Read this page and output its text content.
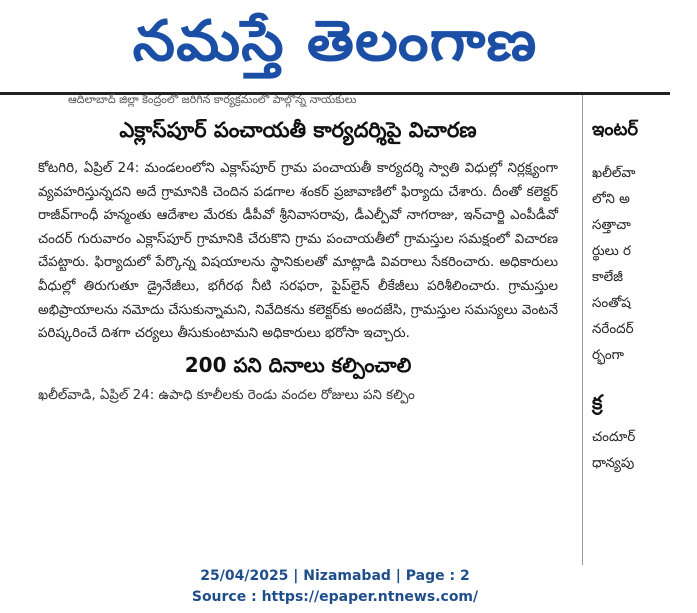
నమస్తే తెలంగాణ
ఆదిలాబాద్‌ జిల్లా కేంద్రంలో జరిగిన కార్యక్రమంలో పాల్గొన్న నాయకులు
ఎక్లాస్‌పూర్ పంచాయతీ కార్యదర్శిపై విచారణ

కోటగిరి, ఏప్రిల్ 24: మండలంలోని ఎక్లాస్‌పూర్ గ్రామ పంచాయతీ కార్యదర్శి స్వాతి విధుల్లో నిర్లక్ష్యంగా వ్యవహరిస్తున్నదని అదే గ్రామానికి చెందిన పడగాల శంకర్ ప్రజావాణిలో ఫిర్యాదు చేశారు. దీంతో కలెక్టర్ రాజీవ్‌గాంధీ హన్మంతు ఆదేశాల మేరకు డీపీవో శ్రీనివాసరావు, డీఎల్పీవో నాగరాజు, ఇన్‌చార్జి ఎంపీడీవో చందర్ గురువారం ఎక్లాస్‌పూర్ గ్రామానికి చేరుకొని గ్రామ పంచాయతీలో గ్రామస్తుల సమక్షంలో విచారణ చేపట్టారు. ఫిర్యాదులో పేర్కొన్న విషయాలను స్థానికులతో మాట్లాడి వివరాలు సేకరించారు. అధికారులు వీధుల్లో తిరుగుతూ డ్రైనేజీలు, భగీరథ నీటి సరఫరా, పైప్‌లైన్ లీకేజీలు పరిశీలించారు. గ్రామస్తుల అభిప్రాయాలను నమోదు చేసుకున్నామని, నివేదికను కలెక్టర్‌కు అందజేసి, గ్రామస్తుల సమస్యలు వెంటనే పరిష్కరించే దిశగా చర్యలు తీసుకుంటామని అధికారులు భరోసా ఇచ్చారు.

200 పని దినాలు కల్పించాలి
ఖలీల్‌వాడి, ఏప్రిల్ 24: ఉపాధి కూలీలకు రెండు వందల రోజులు పని కల్పిం
ఇంటర్
ఖలీల్‌వా
లోని అ
సత్తాచా
ర్థులు ర
కాలేజీ
సంతోష
నరేందర్
ర్భంగా
క్ర
చందూర్
ధాన్యపు
25/04/2025 | Nizamabad | Page : 2
Source : https://epaper.ntnews.com/
